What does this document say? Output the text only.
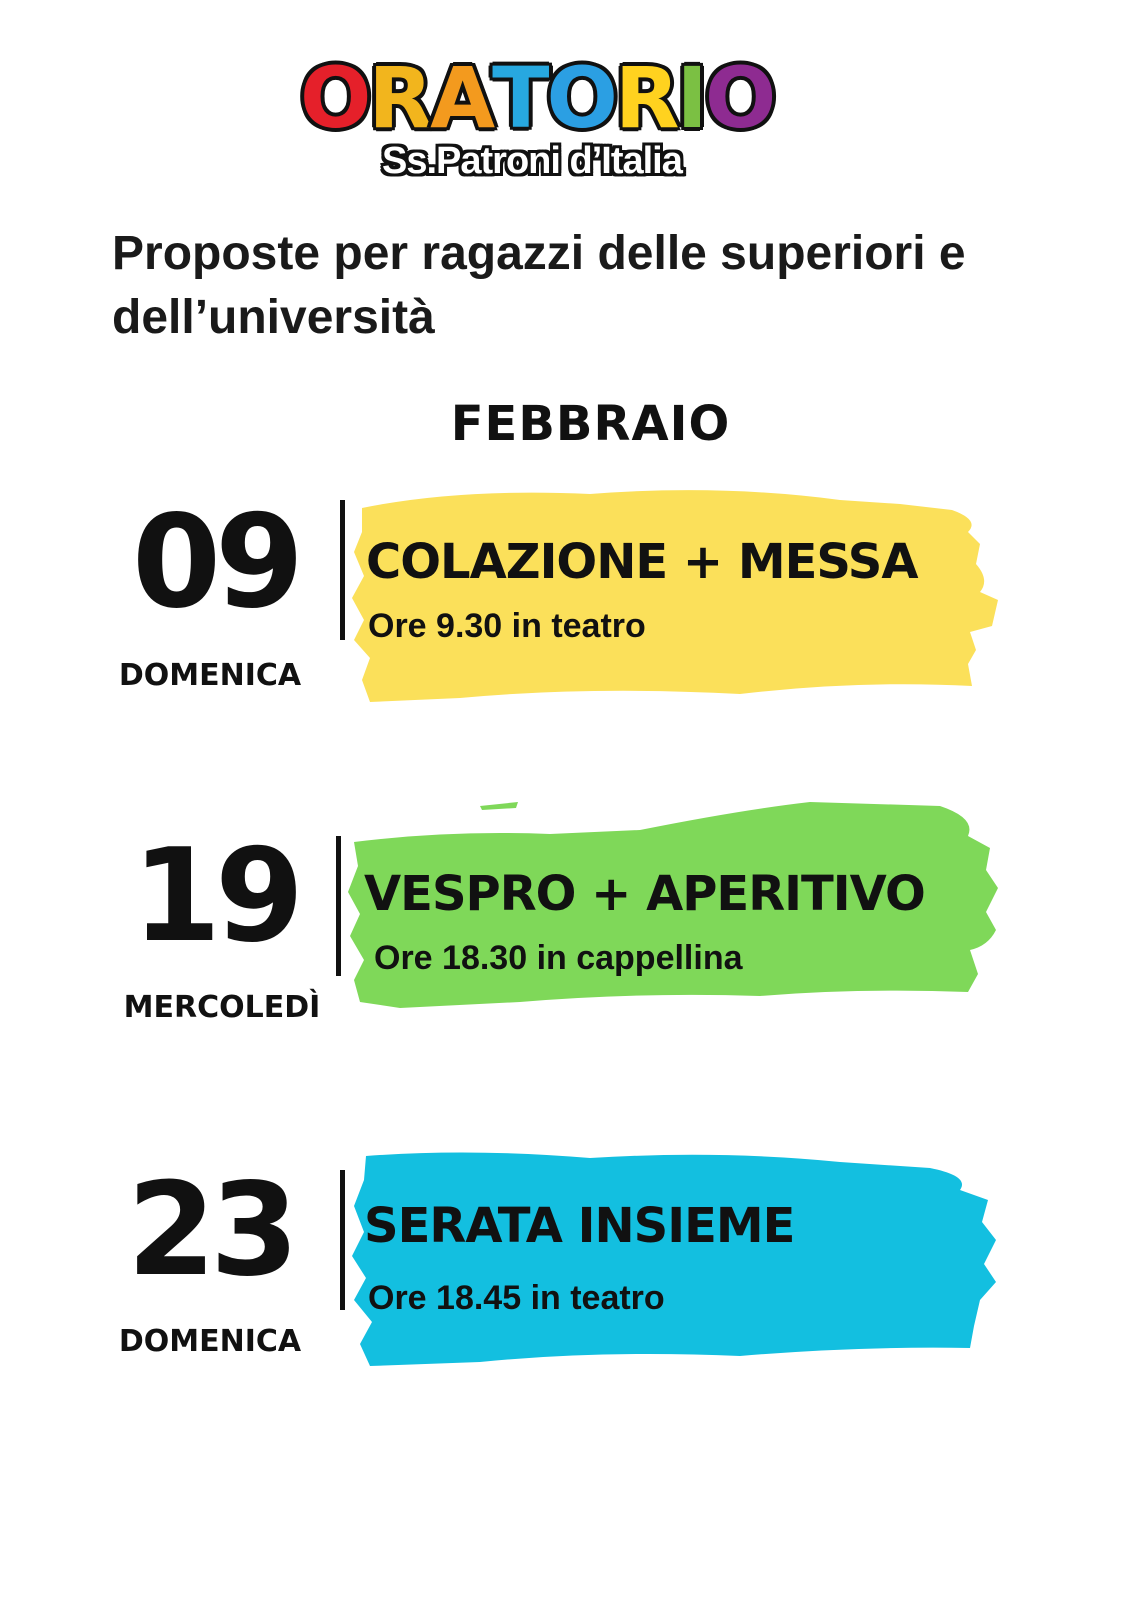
ORATORIO
Ss.Patroni d’Italia
Proposte per ragazzi delle superiori e dell’università
FEBBRAIO
09
DOMENICA
COLAZIONE + MESSA
Ore 9.30 in teatro
19
MERCOLEDÌ
VESPRO + APERITIVO
Ore 18.30 in cappellina
23
DOMENICA
SERATA INSIEME
Ore 18.45 in teatro
